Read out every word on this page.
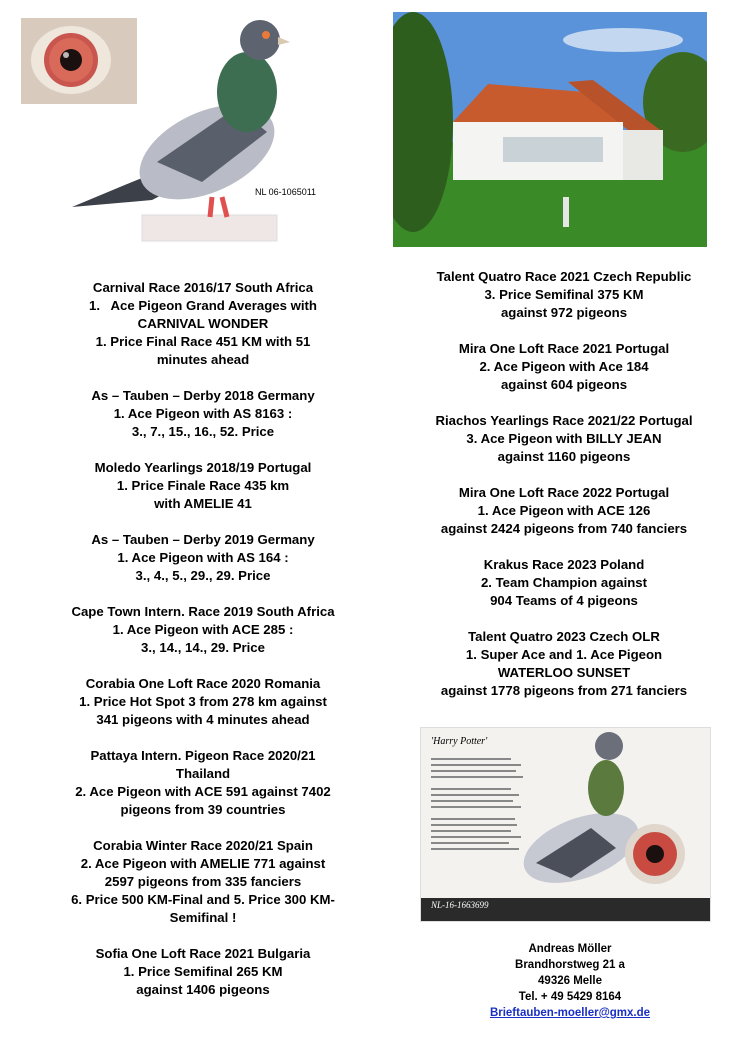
NL 06-1065011
Carnival Race 2016/17 South Africa
1.   Ace Pigeon Grand Averages with
CARNIVAL WONDER
1. Price Final Race 451 KM with 51
minutes ahead
As – Tauben – Derby 2018 Germany
1. Ace Pigeon with AS 8163 :
3., 7., 15., 16., 52. Price
Moledo Yearlings 2018/19 Portugal
1. Price Finale Race 435 km
with AMELIE 41
As – Tauben – Derby 2019 Germany
1. Ace Pigeon with AS 164 :
3., 4., 5., 29., 29. Price
Cape Town Intern. Race 2019 South Africa
1. Ace Pigeon with ACE 285 :
3., 14., 14., 29. Price
Corabia One Loft Race 2020 Romania
1. Price Hot Spot 3 from 278 km against
341 pigeons with 4 minutes ahead
Pattaya Intern. Pigeon Race 2020/21
Thailand
2. Ace Pigeon with ACE 591 against 7402
pigeons from 39 countries
Corabia Winter Race 2020/21 Spain
2. Ace Pigeon with AMELIE 771 against
2597 pigeons from 335 fanciers
6. Price 500 KM-Final and 5. Price 300 KM-
Semifinal !
Sofia One Loft Race 2021 Bulgaria
1. Price Semifinal 265 KM
against 1406 pigeons
Talent Quatro Race 2021 Czech Republic
3. Price Semifinal 375 KM
against 972 pigeons
Mira One Loft Race 2021 Portugal
2. Ace Pigeon with Ace 184
against 604 pigeons
Riachos Yearlings Race 2021/22 Portugal
3. Ace Pigeon with BILLY JEAN
against 1160 pigeons
Mira One Loft Race 2022 Portugal
1. Ace Pigeon with ACE 126
against 2424 pigeons from 740 fanciers
Krakus Race 2023 Poland
2. Team Champion against
904 Teams of 4 pigeons
Talent Quatro 2023 Czech OLR
1. Super Ace and 1. Ace Pigeon
WATERLOO SUNSET
against 1778 pigeons from 271 fanciers
'Harry Potter'
NL-16-1663699
Andreas Möller
Brandhorstweg 21 a
49326 Melle
Tel. + 49 5429 8164
Brieftauben-moeller@gmx.de
